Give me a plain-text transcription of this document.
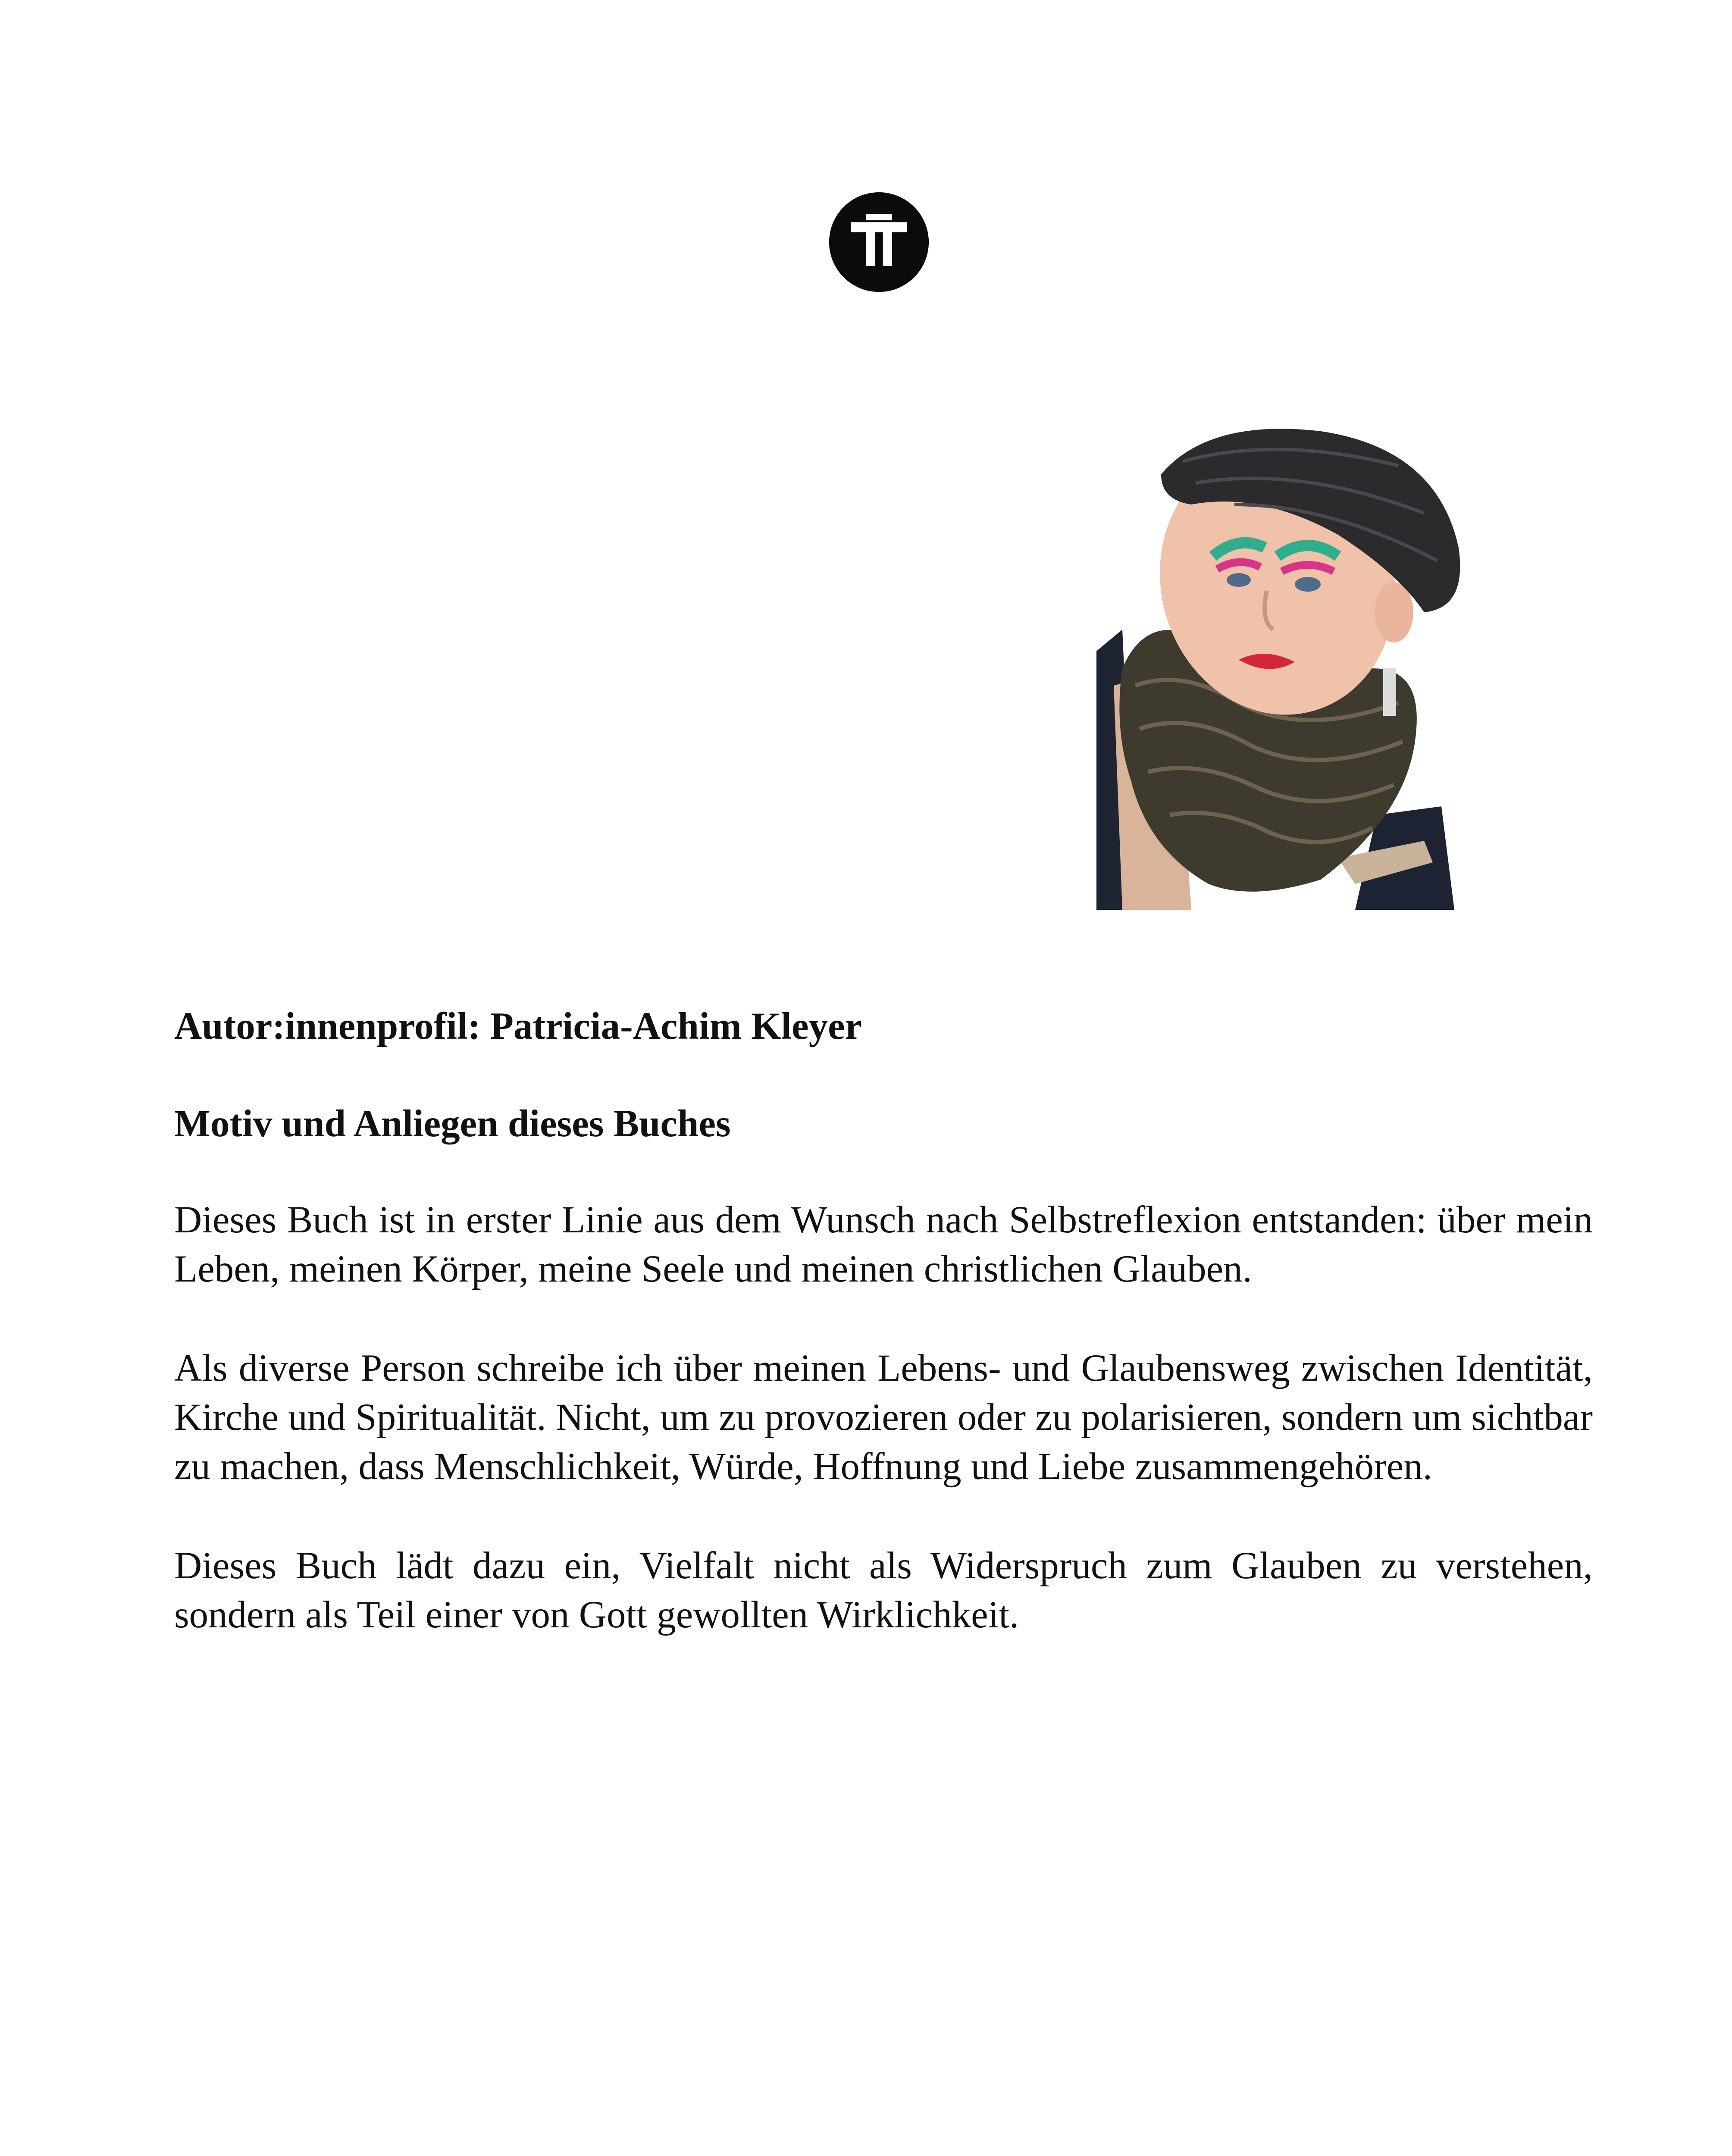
Autor:innenprofil: Patricia-Achim Kleyer

Motiv und Anliegen dieses Buches

Dieses Buch ist in erster Linie aus dem Wunsch nach Selbstreflexion entstanden: über mein Leben, meinen Körper, meine Seele und meinen christlichen Glauben.

Als diverse Person schreibe ich über meinen Lebens- und Glaubensweg zwischen Identität, Kirche und Spiritualität. Nicht, um zu provozieren oder zu polarisieren, sondern um sichtbar zu machen, dass Menschlichkeit, Würde, Hoffnung und Liebe zusammengehören.

Dieses Buch lädt dazu ein, Vielfalt nicht als Widerspruch zum Glauben zu verstehen, sondern als Teil einer von Gott gewollten Wirklichkeit.
